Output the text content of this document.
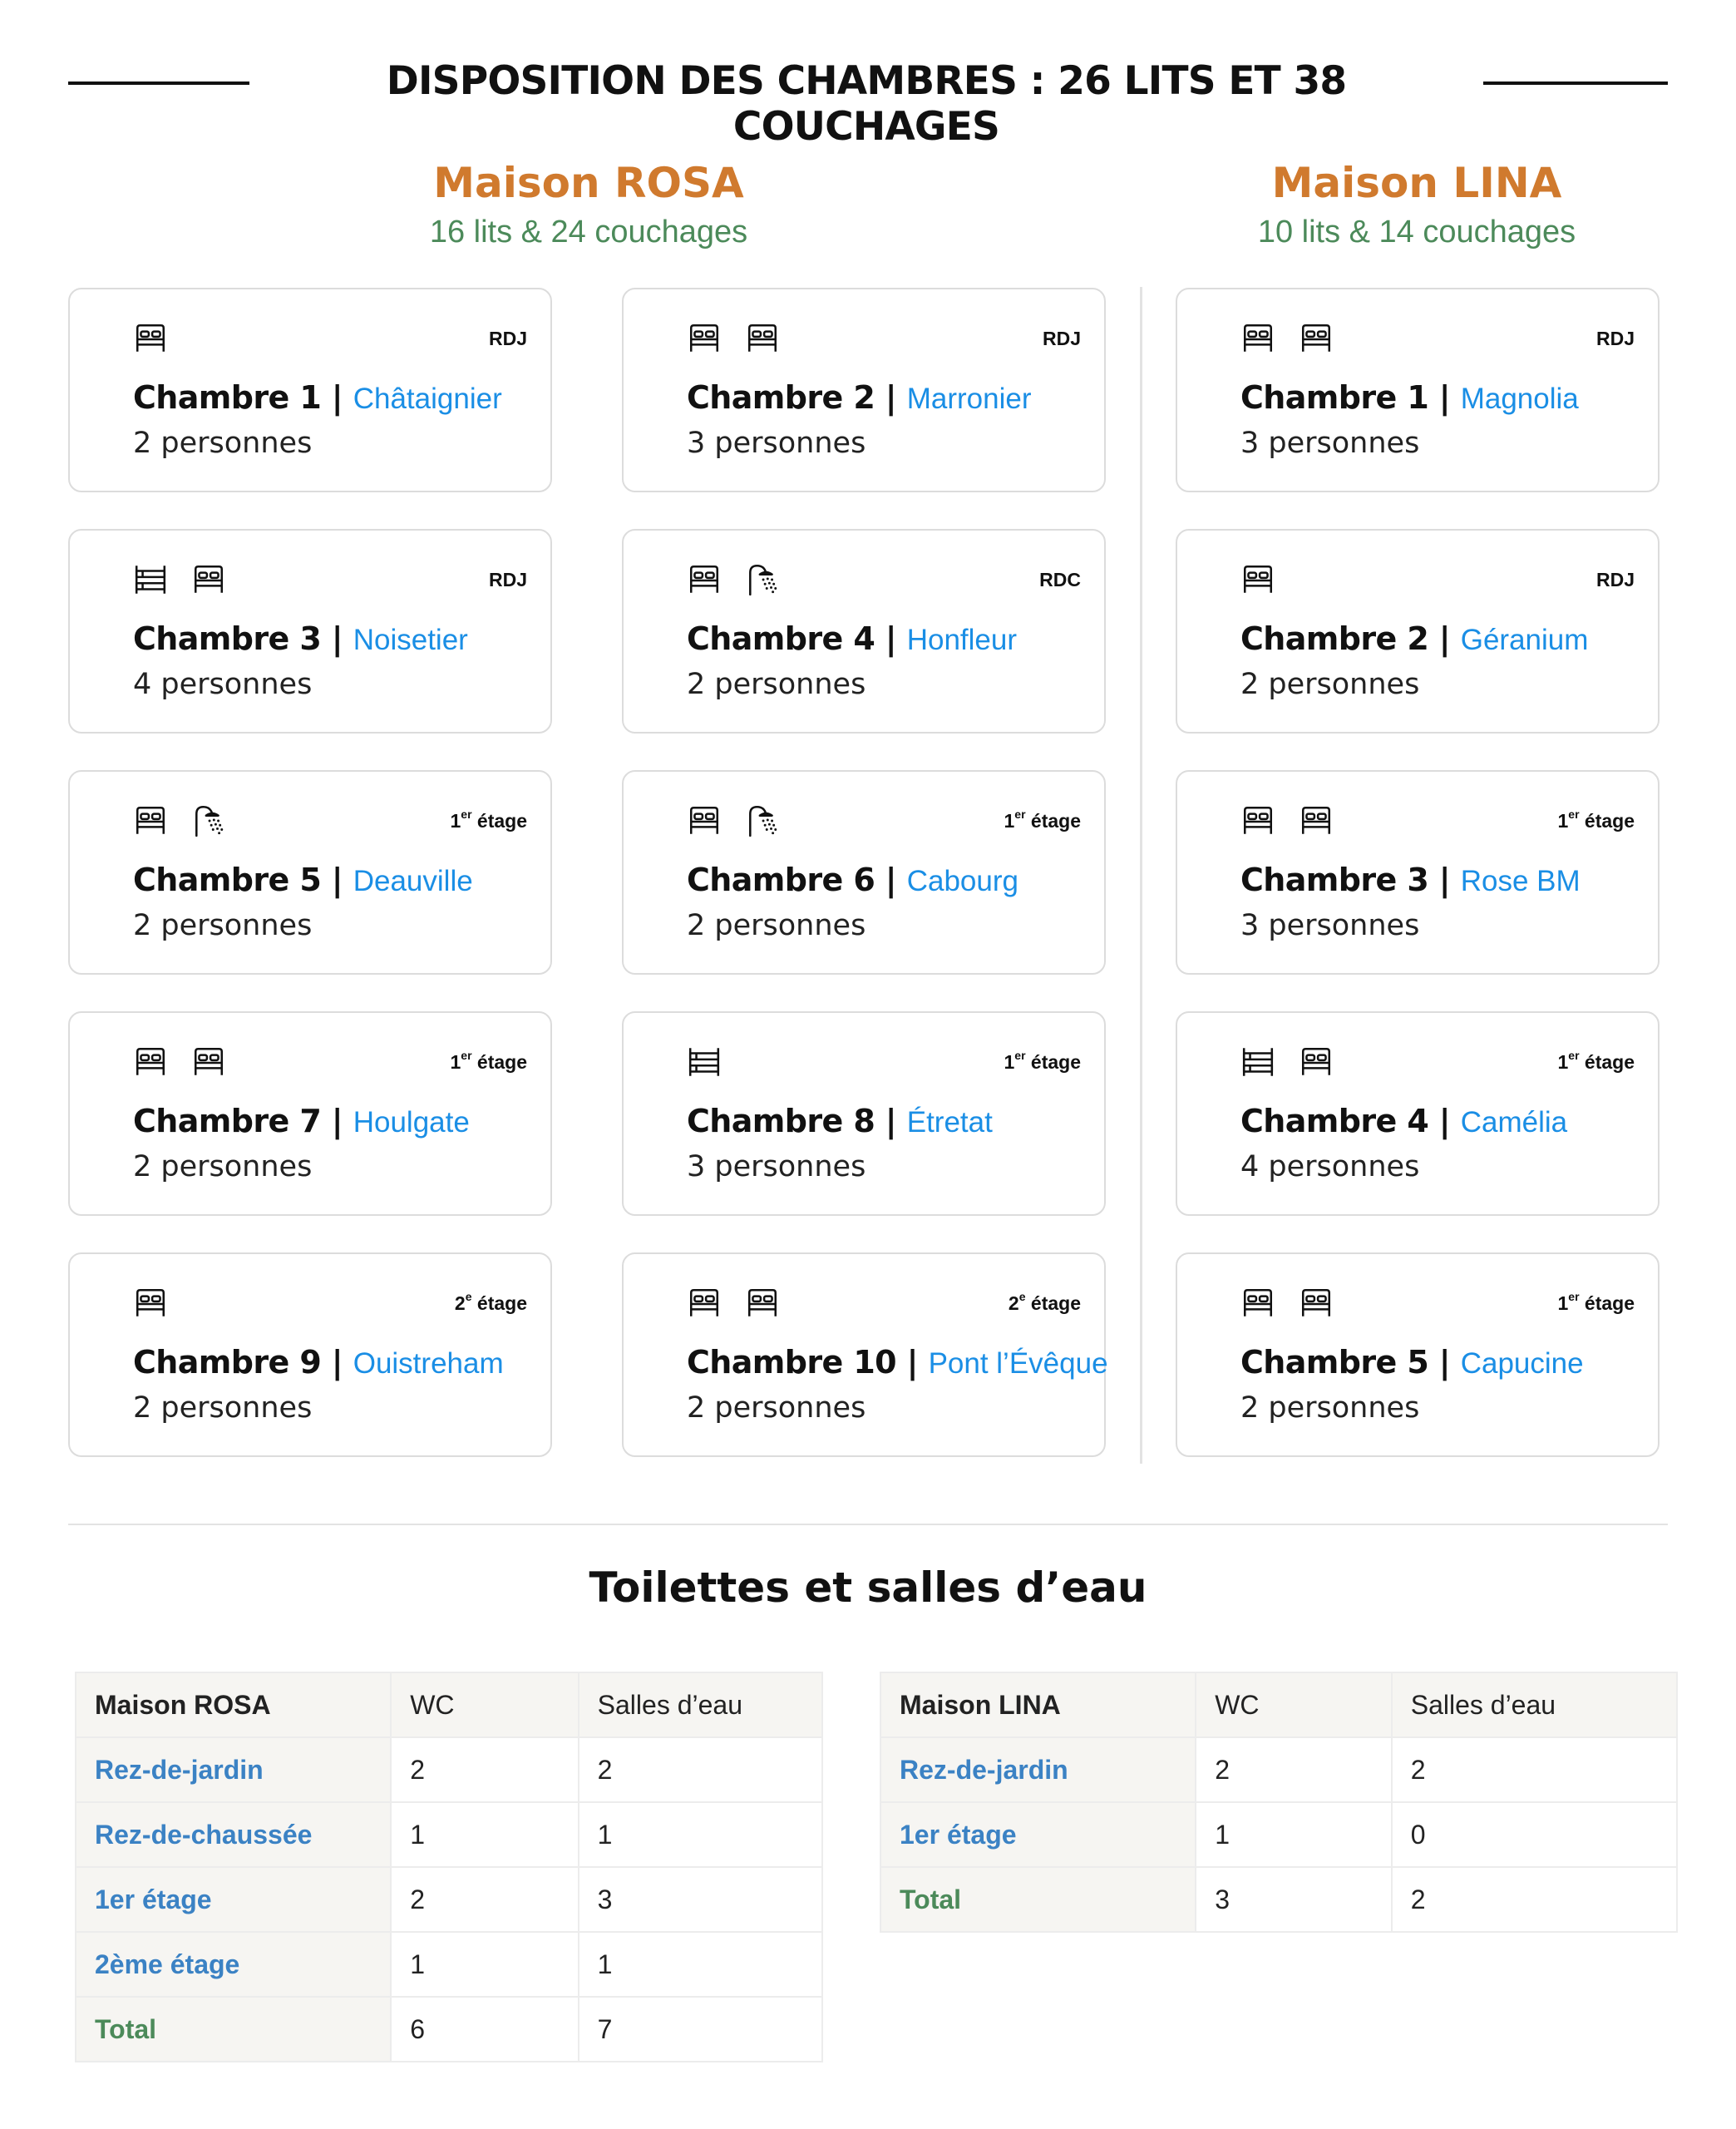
DISPOSITION DES CHAMBRES : 26 LITS ET 38 COUCHAGES
Maison ROSA
16 lits & 24 couchages
Maison LINA
10 lits & 14 couchages
RDJ
Chambre 1 | Châtaignier
2 personnes
RDJ
Chambre 2 | Marronier
3 personnes
RDJ
Chambre 3 | Noisetier
4 personnes
RDC
Chambre 4 | Honfleur
2 personnes
1er étage
Chambre 5 | Deauville
2 personnes
1er étage
Chambre 6 | Cabourg
2 personnes
1er étage
Chambre 7 | Houlgate
2 personnes
1er étage
Chambre 8 | Étretat
3 personnes
2e étage
Chambre 9 | Ouistreham
2 personnes
2e étage
Chambre 10 | Pont l’Évêque
2 personnes
RDJ
Chambre 1 | Magnolia
3 personnes
RDJ
Chambre 2 | Géranium
2 personnes
1er étage
Chambre 3 | Rose BM
3 personnes
1er étage
Chambre 4 | Camélia
4 personnes
1er étage
Chambre 5 | Capucine
2 personnes
Toilettes et salles d’eau
Maison ROSA	WC	Salles d’eau
Rez-de-jardin	2	2
Rez-de-chaussée	1	1
1er étage	2	3
2ème étage	1	1
Total	6	7
Maison LINA	WC	Salles d’eau
Rez-de-jardin	2	2
1er étage	1	0
Total	3	2
